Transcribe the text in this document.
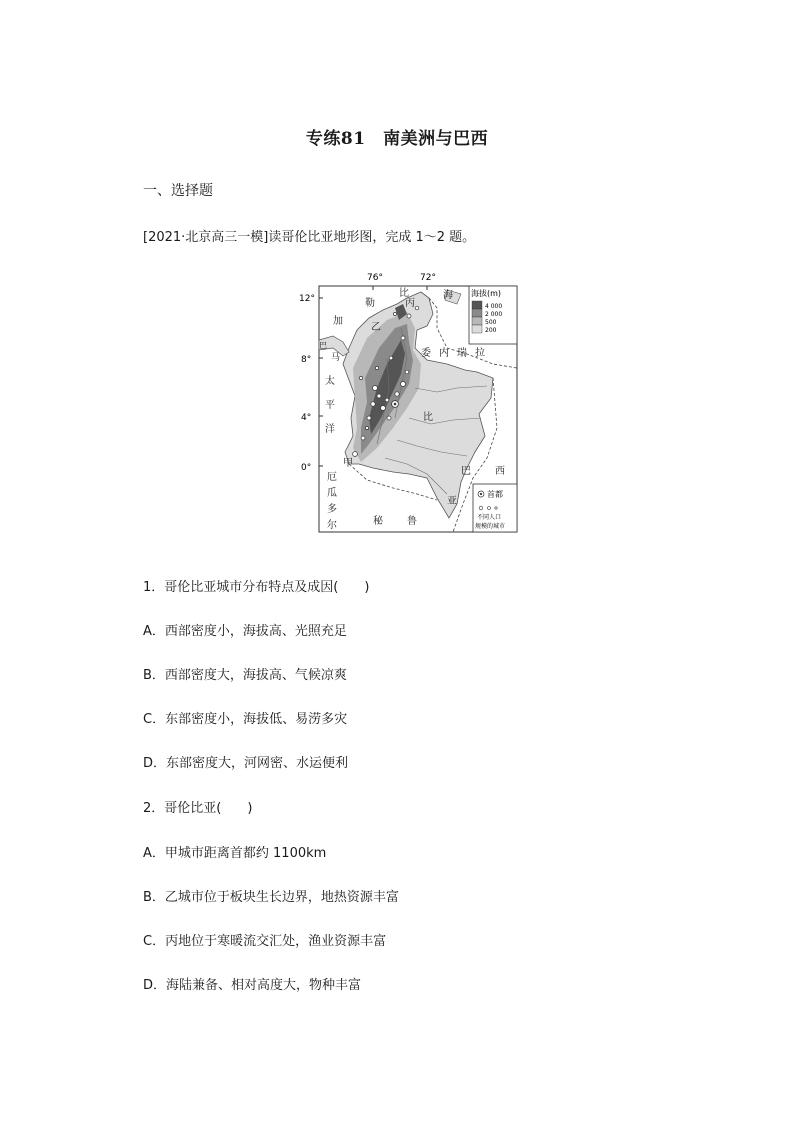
专练81　南美洲与巴西
一、选择题
[2021·北京高三一模]读哥伦比亚地形图，完成 1～2 题。
76°	72°
12°
8°
4°
0°
加
勒
比	海
丙
乙
委 内 瑞 拉
巴
马
太
平
洋
比
亚
巴 西
甲
厄
瓜
多
尔	秘 鲁
海拔(m)
4 000
2 000
500
200
首都
不同人口
规模的城市
1．哥伦比亚城市分布特点及成因(　　)
A．西部密度小，海拔高、光照充足
B．西部密度大，海拔高、气候凉爽
C．东部密度小，海拔低、易涝多灾
D．东部密度大，河网密、水运便利
2．哥伦比亚(　　)
A．甲城市距离首都约 1100km
B．乙城市位于板块生长边界，地热资源丰富
C．丙地位于寒暖流交汇处，渔业资源丰富
D．海陆兼备、相对高度大，物种丰富
